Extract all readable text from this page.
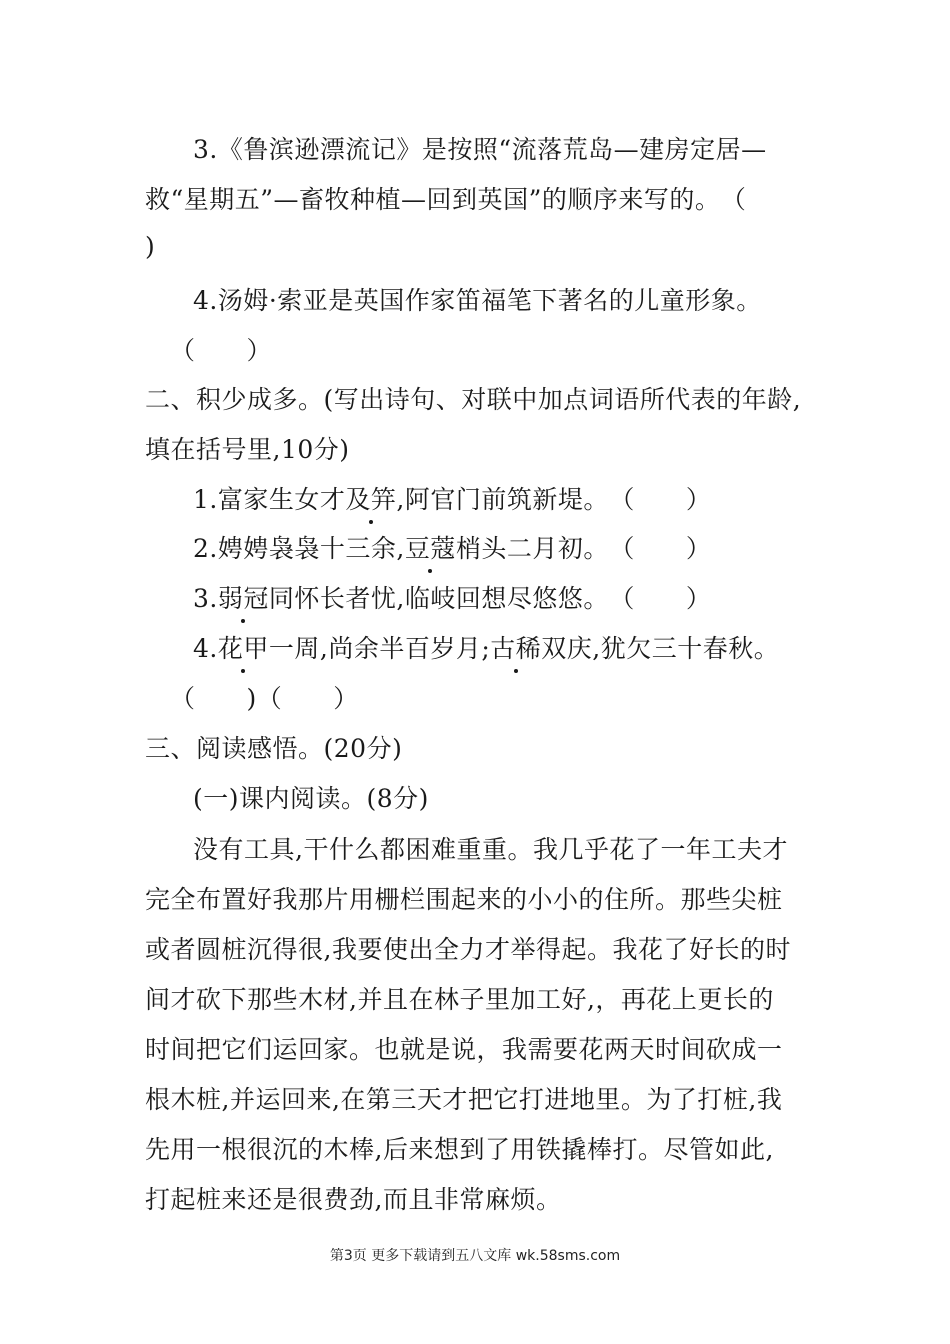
3.《鲁滨逊漂流记》是按照“流落荒岛—建房定居—
救“星期五”—畜牧种植—回到英国”的顺序来写的。　（
)
4.汤姆·索亚是英国作家笛福笔下著名的儿童形象。
（　　）
二、积少成多。(写出诗句、对联中加点词语所代表的年龄,
填在括号里,10分)
1.富家生女才及笄,阿官门前筑新堤。　（　　）
2.娉娉袅袅十三余,豆蔻梢头二月初。　（　　）
3.弱冠同怀长者忧,临岐回想尽悠悠。　（　　）
4.花甲一周,尚余半百岁月;古稀双庆,犹欠三十春秋。
（　　)（　　）
三、阅读感悟。(20分)
(一)课内阅读。(8分)
没有工具,干什么都困难重重。我几乎花了一年工夫才
完全布置好我那片用栅栏围起来的小小的住所。那些尖桩
或者圆桩沉得很,我要使出全力才举得起。我花了好长的时
间才砍下那些木材,并且在林子里加工好,，再花上更长的
时间把它们运回家。也就是说，我需要花两天时间砍成一
根木桩,并运回来,在第三天才把它打进地里。为了打桩,我
先用一根很沉的木棒,后来想到了用铁撬棒打。尽管如此,
打起桩来还是很费劲,而且非常麻烦。
第3页 更多下载请到五八文库 wk.58sms.com
